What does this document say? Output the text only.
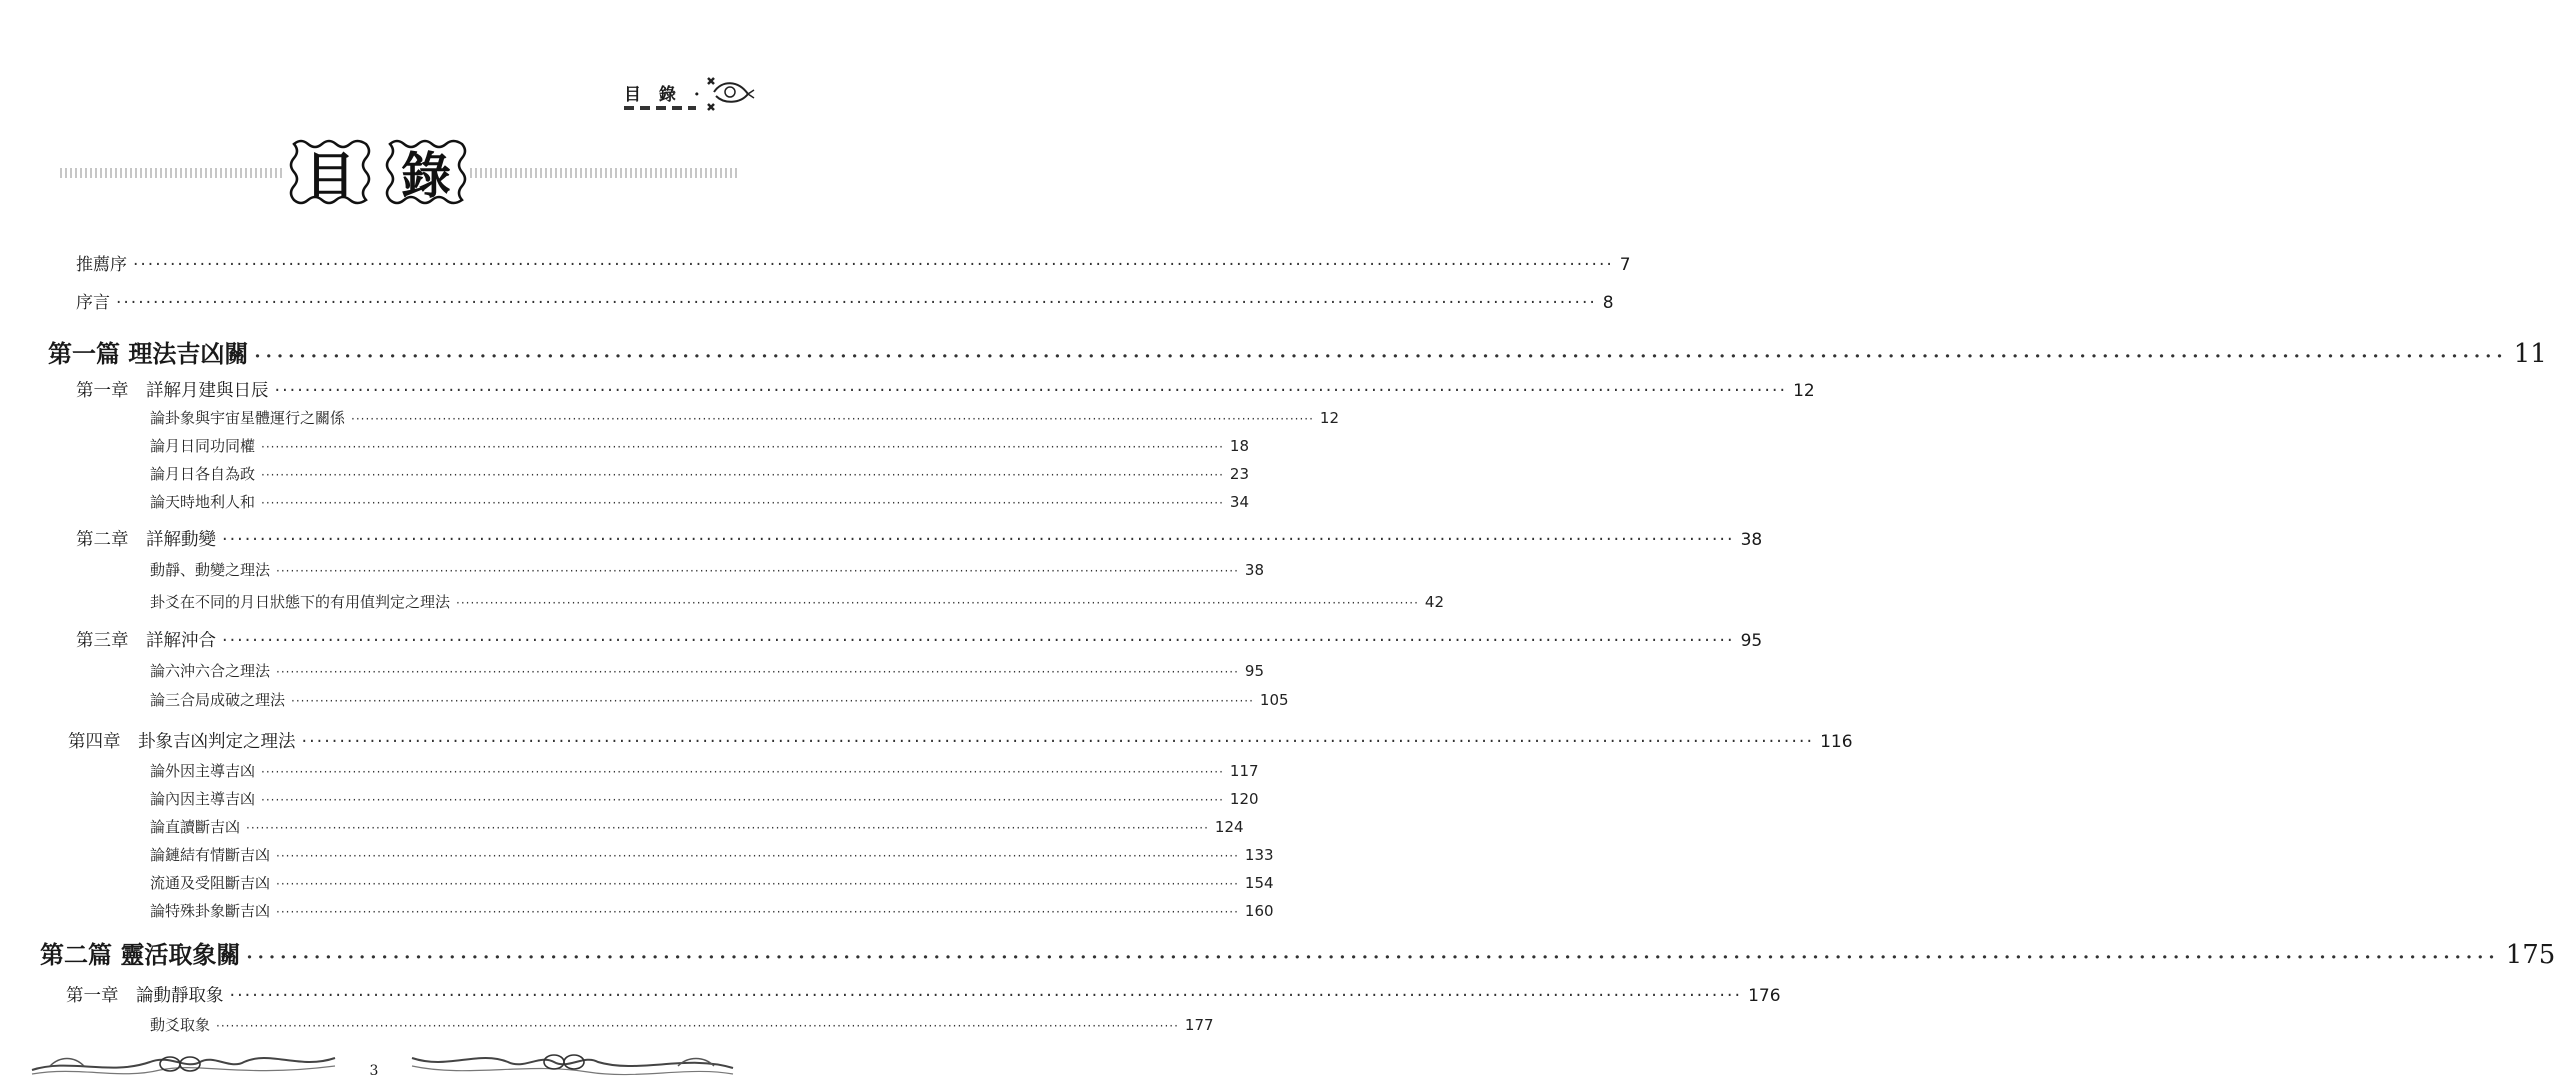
目 錄 ·
目 錄
推薦序 ········································································································································································································ 7
序言 ········································································································································································································ 8
第一篇 理法吉凶關 ········································································································································································································ 11
第一章　詳解月建與日辰 ········································································································································································································ 12
論卦象與宇宙星體運行之關係 ········································································································································································································ 12
論月日同功同權 ········································································································································································································ 18
論月日各自為政 ········································································································································································································ 23
論天時地利人和 ········································································································································································································ 34
第二章　詳解動變 ········································································································································································································ 38
動靜、動變之理法 ········································································································································································································ 38
卦爻在不同的月日狀態下的有用值判定之理法 ········································································································································································································ 42
第三章　詳解沖合 ········································································································································································································ 95
論六沖六合之理法 ········································································································································································································ 95
論三合局成破之理法 ········································································································································································································ 105
第四章　卦象吉凶判定之理法 ········································································································································································································ 116
論外因主導吉凶 ········································································································································································································ 117
論內因主導吉凶 ········································································································································································································ 120
論直讀斷吉凶 ········································································································································································································ 124
論鏈結有情斷吉凶 ········································································································································································································ 133
流通及受阻斷吉凶 ········································································································································································································ 154
論特殊卦象斷吉凶 ········································································································································································································ 160
第二篇 靈活取象關 ········································································································································································································ 175
第一章　論動靜取象 ········································································································································································································ 176
動爻取象 ········································································································································································································ 177
3
